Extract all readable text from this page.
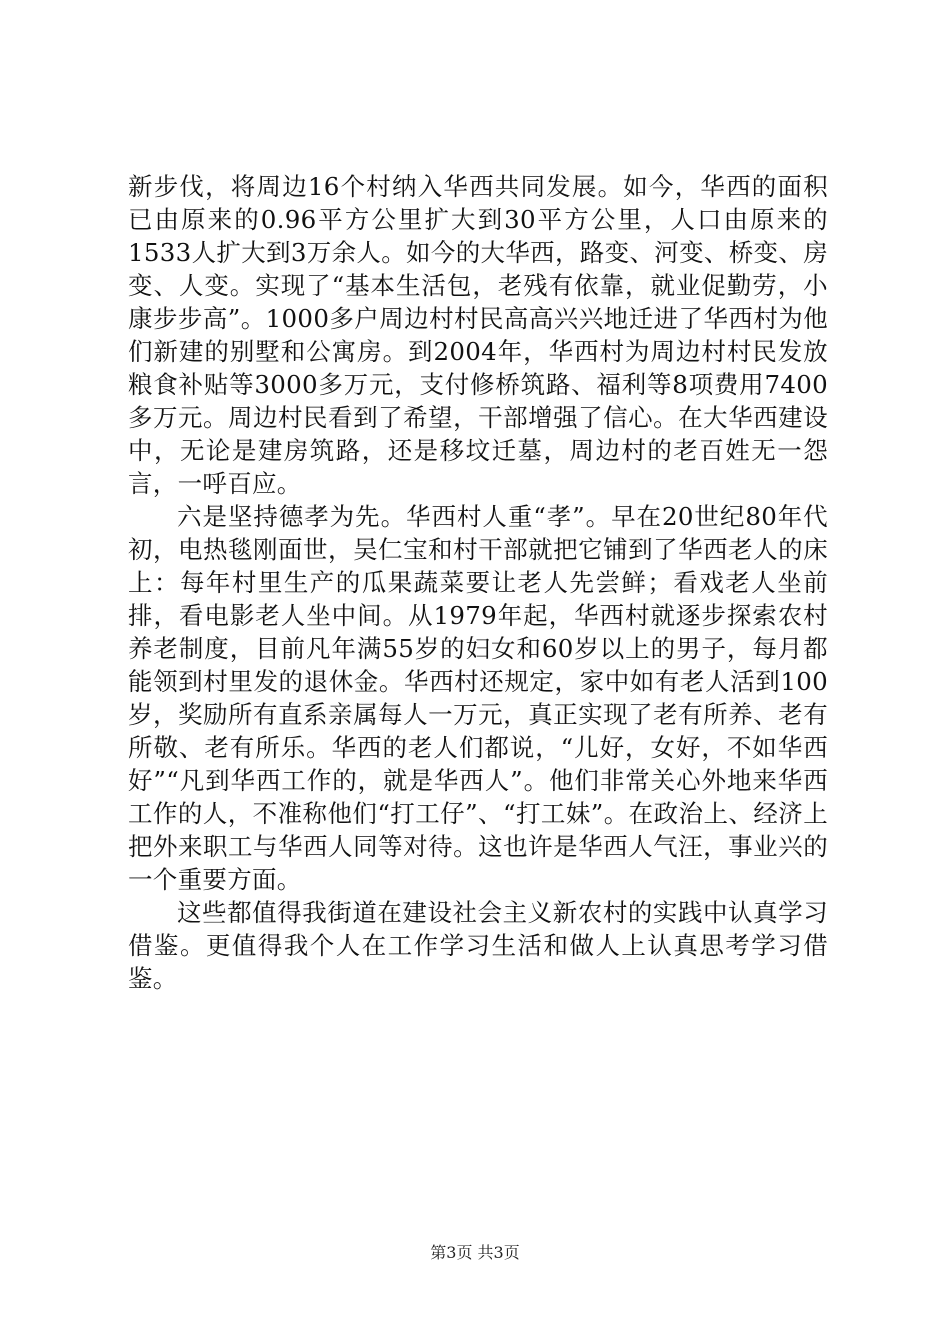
新步伐，将周边16个村纳入华西共同发展。如今，华西的面积已由原来的0.96平方公里扩大到30平方公里，人口由原来的1533人扩大到3万余人。如今的大华西，路变、河变、桥变、房变、人变。实现了“基本生活包，老残有依靠，就业促勤劳，小康步步高”。1000多户周边村村民高高兴兴地迁进了华西村为他们新建的别墅和公寓房。到2004年，华西村为周边村村民发放粮食补贴等3000多万元，支付修桥筑路、福利等8项费用7400多万元。周边村民看到了希望，干部增强了信心。在大华西建设中，无论是建房筑路，还是移坟迁墓，周边村的老百姓无一怨言，一呼百应。

六是坚持德孝为先。华西村人重“孝”。早在20世纪80年代初，电热毯刚面世，吴仁宝和村干部就把它铺到了华西老人的床上：每年村里生产的瓜果蔬菜要让老人先尝鲜；看戏老人坐前排，看电影老人坐中间。从1979年起，华西村就逐步探索农村养老制度，目前凡年满55岁的妇女和60岁以上的男子，每月都能领到村里发的退休金。华西村还规定，家中如有老人活到100岁，奖励所有直系亲属每人一万元，真正实现了老有所养、老有所敬、老有所乐。华西的老人们都说，“儿好，女好，不如华西好”“凡到华西工作的，就是华西人”。他们非常关心外地来华西工作的人，不准称他们“打工仔”、“打工妹”。在政治上、经济上把外来职工与华西人同等对待。这也许是华西人气汪，事业兴的一个重要方面。

这些都值得我街道在建设社会主义新农村的实践中认真学习借鉴。更值得我个人在工作学习生活和做人上认真思考学习借鉴。

第3页 共3页
